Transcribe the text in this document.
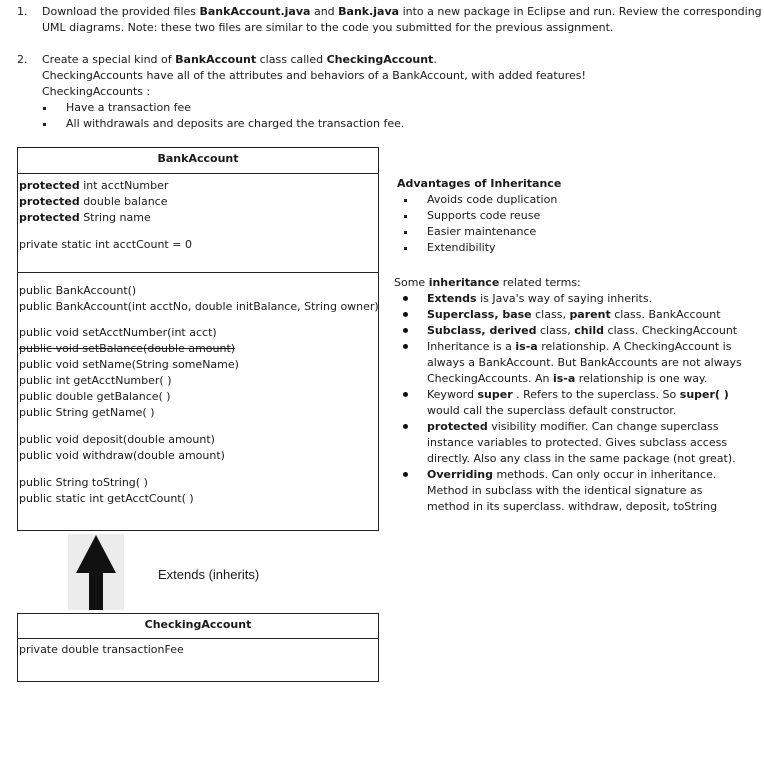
1. Download the provided files BankAccount.java and Bank.java into a new package in Eclipse and run. Review the corresponding
UML diagrams. Note: these two files are similar to the code you submitted for the previous assignment.
2. Create a special kind of BankAccount class called CheckingAccount.
CheckingAccounts have all of the attributes and behaviors of a BankAccount, with added features!
CheckingAccounts :
Have a transaction fee
All withdrawals and deposits are charged the transaction fee.
BankAccount
protected int acctNumber
protected double balance
protected String name
private static int acctCount = 0
public BankAccount()
public BankAccount(int acctNo, double initBalance, String owner)
public void setAcctNumber(int acct)
public void setBalance(double amount)
public void setName(String someName)
public int getAcctNumber( )
public double getBalance( )
public String getName( )
public void deposit(double amount)
public void withdraw(double amount)
public String toString( )
public static int getAcctCount( )
Extends (inherits)
CheckingAccount
private double transactionFee
Advantages of Inheritance
Avoids code duplication
Supports code reuse
Easier maintenance
Extendibility
Some inheritance related terms:
Extends is Java's way of saying inherits.
Superclass, base class, parent class. BankAccount
Subclass, derived class, child class. CheckingAccount
Inheritance is a is-a relationship. A CheckingAccount is
always a BankAccount. But BankAccounts are not always
CheckingAccounts. An is-a relationship is one way.
Keyword super . Refers to the superclass. So super( )
would call the superclass default constructor.
protected visibility modifier. Can change superclass
instance variables to protected. Gives subclass access
directly. Also any class in the same package (not great).
Overriding methods. Can only occur in inheritance.
Method in subclass with the identical signature as
method in its superclass. withdraw, deposit, toString
